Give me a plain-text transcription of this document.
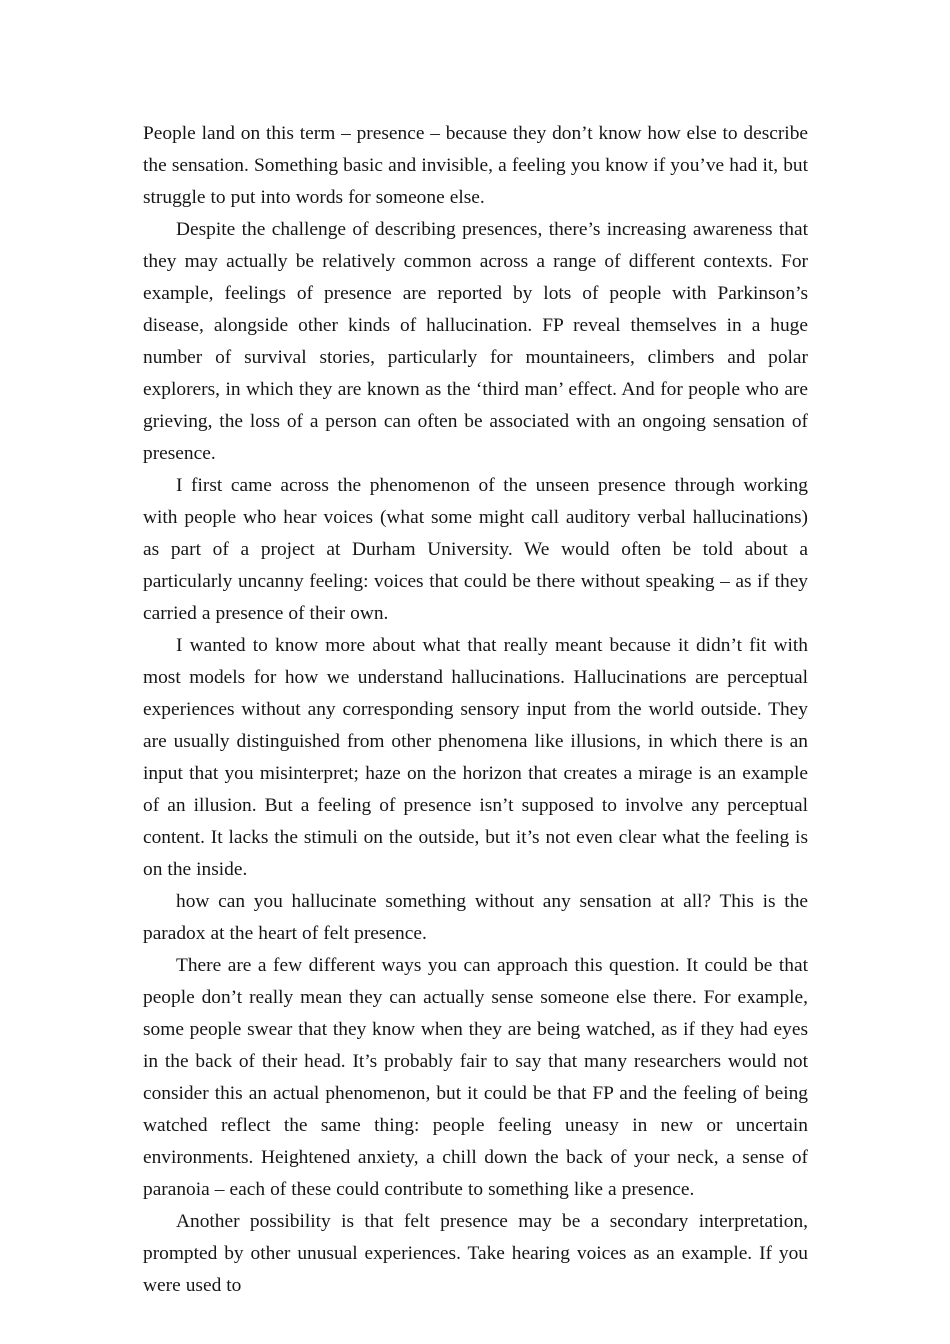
People land on this term – presence – because they don’t know how else to describe the sensation. Something basic and invisible, a feeling you know if you’ve had it, but struggle to put into words for someone else.

Despite the challenge of describing presences, there’s increasing awareness that they may actually be relatively common across a range of different contexts. For example, feelings of presence are reported by lots of people with Parkinson’s disease, alongside other kinds of hallucination. FP reveal themselves in a huge number of survival stories, particularly for mountaineers, climbers and polar explorers, in which they are known as the ‘third man’ effect. And for people who are grieving, the loss of a person can often be associated with an ongoing sensation of presence.

I first came across the phenomenon of the unseen presence through working with people who hear voices (what some might call auditory verbal hallucinations) as part of a project at Durham University. We would often be told about a particularly uncanny feeling: voices that could be there without speaking – as if they carried a presence of their own.

I wanted to know more about what that really meant because it didn’t fit with most models for how we understand hallucinations. Hallucinations are perceptual experiences without any corresponding sensory input from the world outside. They are usually distinguished from other phenomena like illusions, in which there is an input that you misinterpret; haze on the horizon that creates a mirage is an example of an illusion. But a feeling of presence isn’t supposed to involve any perceptual content. It lacks the stimuli on the outside, but it’s not even clear what the feeling is on the inside.

how can you hallucinate something without any sensation at all? This is the paradox at the heart of felt presence.

There are a few different ways you can approach this question. It could be that people don’t really mean they can actually sense someone else there. For example, some people swear that they know when they are being watched, as if they had eyes in the back of their head. It’s probably fair to say that many researchers would not consider this an actual phenomenon, but it could be that FP and the feeling of being watched reflect the same thing: people feeling uneasy in new or uncertain environments. Heightened anxiety, a chill down the back of your neck, a sense of paranoia – each of these could contribute to something like a presence.

Another possibility is that felt presence may be a secondary interpretation, prompted by other unusual experiences. Take hearing voices as an example. If you were used to
